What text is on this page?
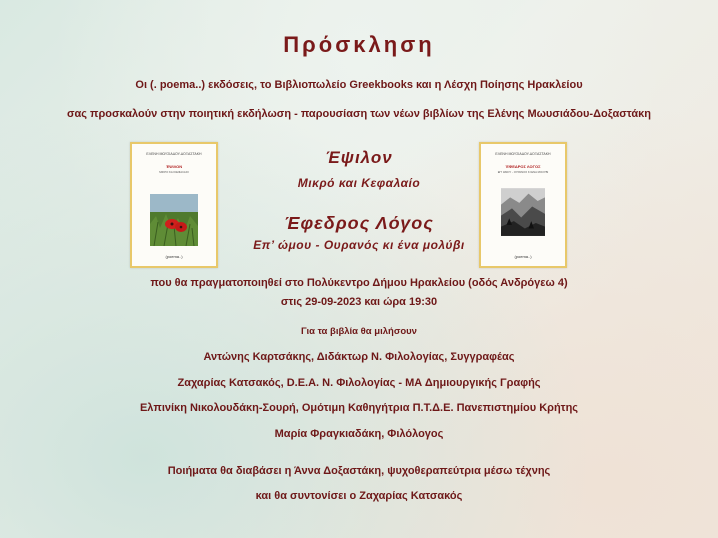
Πρόσκληση
Οι (. poema..) εκδόσεις, το Βιβλιοπωλείο Greekbooks και η Λέσχη Ποίησης Ηρακλείου
σας προσκαλούν στην ποιητική εκδήλωση - παρουσίαση των νέων βιβλίων της Ελένης Μωυσιάδου-Δοξαστάκη
ΕΛΕΝΗ ΜΩΥΣΙΑΔΟΥ-ΔΟΞΑΣΤΑΚΗ
ΈΨΙΛΟΝ
ΜΙΚΡΟ ΚΑΙ ΚΕΦΑΛΑΙΟ
(poema..)
ΕΛΕΝΗ ΜΩΥΣΙΑΔΟΥ-ΔΟΞΑΣΤΑΚΗ
ΈΦΕΔΡΟΣ ΛΟΓΟΣ
ΕΠ' ΩΜΟΥ - ΟΥΡΑΝΟΣ ΚΙ ΕΝΑ ΜΟΛΥΒΙ
(poema..)
Έψιλον
Μικρό και Κεφαλαίο
Έφεδρος Λόγος
Επ’ ώμου - Ουρανός κι ένα μολύβι
που θα πραγματοποιηθεί στο Πολύκεντρο Δήμου Ηρακλείου (οδός Ανδρόγεω 4)
στις 29-09-2023 και ώρα 19:30
Για τα βιβλία θα μιλήσουν
Αντώνης Καρτσάκης, Διδάκτωρ Ν. Φιλολογίας, Συγγραφέας
Ζαχαρίας Κατσακός, D.E.A. Ν. Φιλολογίας - ΜΑ Δημιουργικής Γραφής
Ελπινίκη Νικολουδάκη-Σουρή, Ομότιμη Καθηγήτρια Π.Τ.Δ.Ε. Πανεπιστημίου Κρήτης
Μαρία Φραγκιαδάκη, Φιλόλογος
Ποιήματα θα διαβάσει η Άννα Δοξαστάκη, ψυχοθεραπεύτρια μέσω τέχνης
και θα συντονίσει ο Ζαχαρίας Κατσακός
